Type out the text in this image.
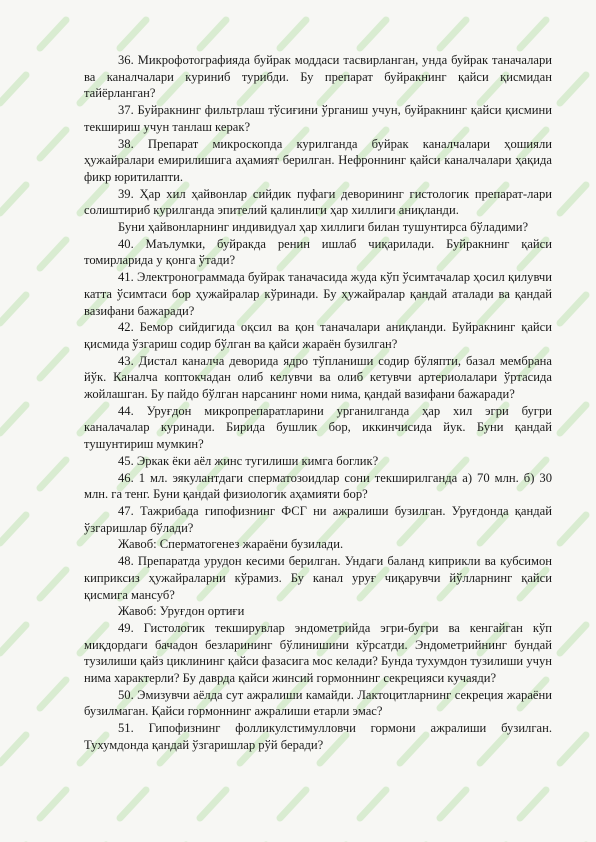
36. Микрофотографияда буйрак моддаси тасвирланган, унда буйрак таначалари ва каналчалари куриниб турибди. Бу препарат буйракнинг қайси қисмидан тайёрланган?

37. Буйракнинг фильтрлаш тўсиғини ўрганиш учун, буйракнинг қайси қисмини текшириш учун танлаш керак?

38. Препарат микроскопда курилганда буйрак каналчалари ҳошияли ҳужайралари емирилишига аҳамият берилган. Нефроннинг қайси каналчалари ҳақида фикр юритилапти.

39. Ҳар хил ҳайвонлар сийдик пуфаги деворининг гистологик препарат-лари солиштириб курилганда эпителий қалинлиги ҳар хиллиги аниқланди.

Буни ҳайвонларнинг индивидуал ҳар хиллиги билан тушунтирса бўладими?

40. Маълумки, буйракда ренин ишлаб чиқарилади. Буйракнинг қайси томирларида у қонга ўтади?

41. Электронограммада буйрак таначасида жуда кўп ўсимтачалар ҳосил қилувчи катта ўсимтаси бор ҳужайралар кўринади. Бу ҳужайралар қандай аталади ва қандай вазифани бажаради?

42. Бемор сийдигида оқсил ва қон таначалари аниқланди. Буйракнинг қайси қисмида ўзгариш содир бўлган ва қайси жараён бузилган?

43. Дистал каналча деворида ядро тўпланиши содир бўляпти, базал мембрана йўк. Каналча коптокчадан олиб келувчи ва олиб кетувчи артериолалари ўртасида жойлашган. Бу пайдо бўлган нарсанинг номи нима, қандай вазифани бажаради?

44. Уруғдон микропрепаратларини урганилганда ҳар хил эгри бугри каналачалар куринади. Бирида бушлик бор, иккинчисида йук. Буни қандай тушунтириш мумкин?

45. Эркак ёки аёл жинс тугилиши кимга боглик?

46. 1 мл. эякулантдаги сперматозоидлар сони текширилганда а) 70 млн. б) 30 млн. га тенг. Буни қандай физиологик аҳамияти бор?

47. Тажрибада гипофизнинг ФСГ ни ажралиши бузилган. Уруғдонда қандай ўзгаришлар бўлади?

Жавоб: Сперматогенез жараёни бузилади.

48. Препаратда урудон кесими берилган. Ундаги баланд киприкли ва кубсимон киприксиз ҳужайраларни кўрамиз. Бу канал уруғ чиқарувчи йўлларнинг қайси қисмига мансуб?

Жавоб: Уруғдон ортиғи

49. Гистологик текширувлар эндометрийда эгри-бугри ва кенгайган кўп миқдордаги бачадон безларининг бўлинишини кўрсатди. Эндометрийнинг бундай тузилиши қайз циклининг қайси фазасига мос келади? Бунда тухумдон тузилиши учун нима характерли? Бу даврда қайси жинсий гормоннинг секрецияси кучаяди?

50. Эмизувчи аёлда сут ажралиши камайди. Лактоцитларнинг секреция жараёни бузилмаган. Қайси гормоннинг ажралиши етарли эмас?

51. Гипофизнинг фолликулстимулловчи гормони ажралиши бузилган. Тухумдонда қандай ўзгаришлар рўй беради?
